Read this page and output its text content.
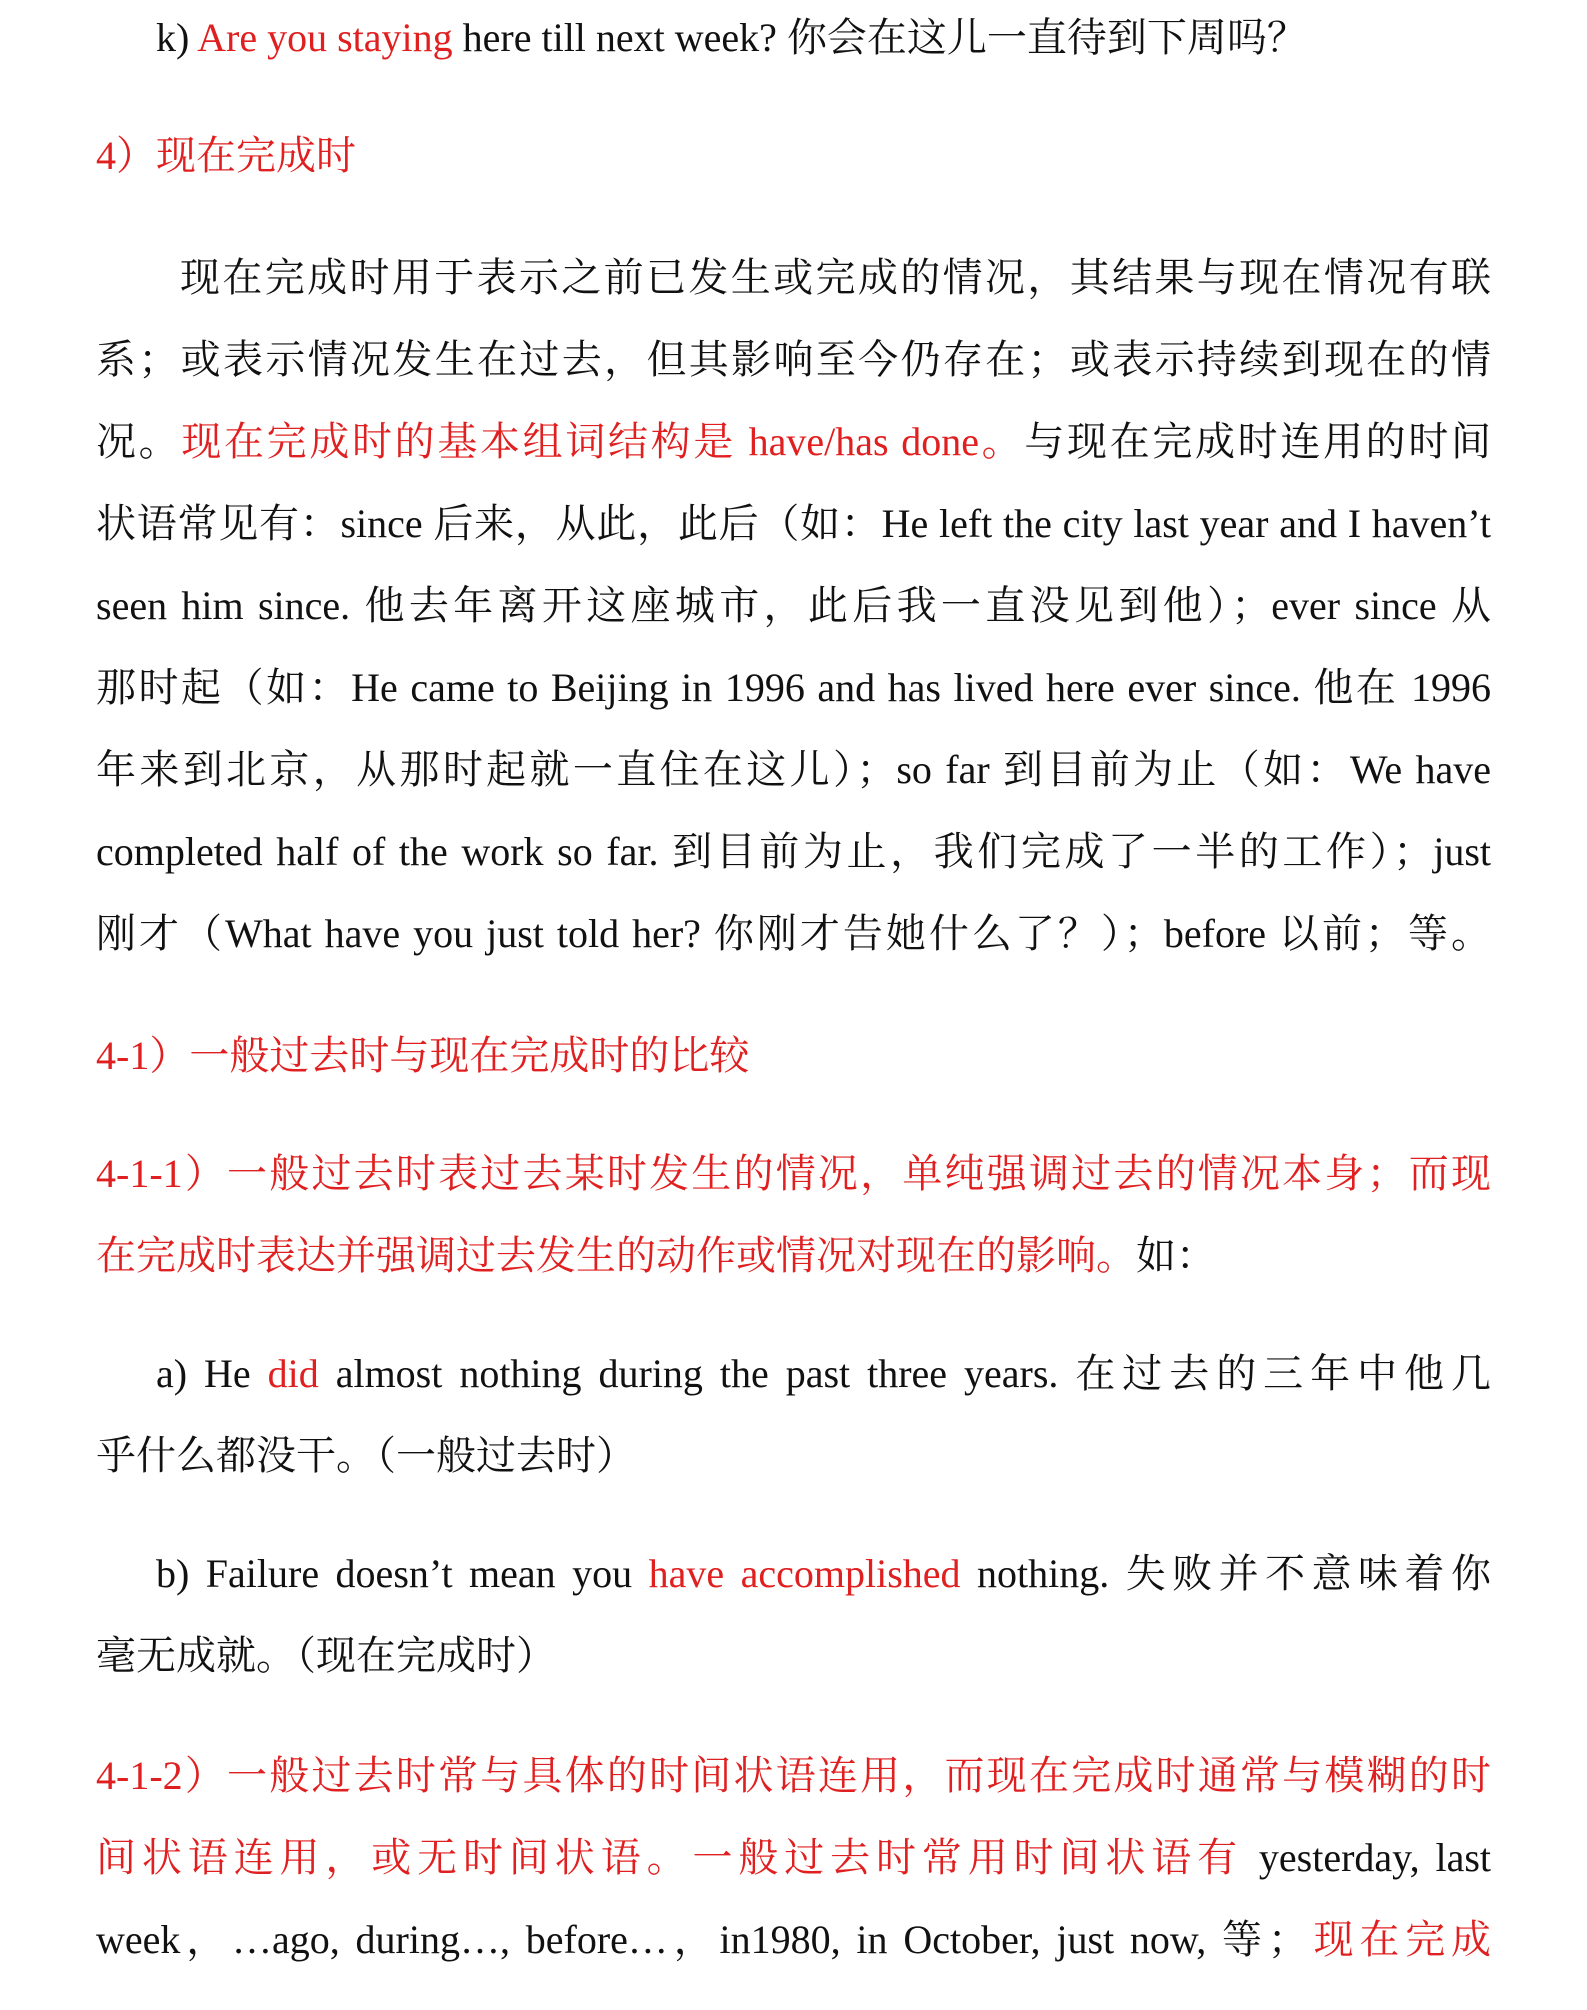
k) Are you staying here till next week? 你会在这儿一直待到下周吗？
4）现在完成时
现在完成时用于表示之前已发生或完成的情况，其结果与现在情况有联
系；或表示情况发生在过去，但其影响至今仍存在；或表示持续到现在的情
况。现在完成时的基本组词结构是 have/has done。与现在完成时连用的时间
状语常见有：since 后来，从此，此后（如：He left the city last year and I haven’t
seen him since. 他去年离开这座城市，此后我一直没见到他）；ever since 从
那时起（如：He came to Beijing in 1996 and has lived here ever since. 他在 1996
年来到北京，从那时起就一直住在这儿）；so far 到目前为止（如：We have
completed half of the work so far. 到目前为止，我们完成了一半的工作）；just
刚才（What have you just told her? 你刚才告她什么了？）；before 以前；等。
4-1）一般过去时与现在完成时的比较
4-1-1）一般过去时表过去某时发生的情况，单纯强调过去的情况本身；而现
在完成时表达并强调过去发生的动作或情况对现在的影响。如：
a) He did almost nothing during the past three years. 在过去的三年中他几
乎什么都没干。（一般过去时）
b) Failure doesn’t mean you have accomplished nothing. 失败并不意味着你
毫无成就。（现在完成时）
4-1-2）一般过去时常与具体的时间状语连用，而现在完成时通常与模糊的时
间状语连用，或无时间状语。一般过去时常用时间状语有 yesterday, last
week，…ago, during…, before…，in1980, in October, just now, 等；现在完成
